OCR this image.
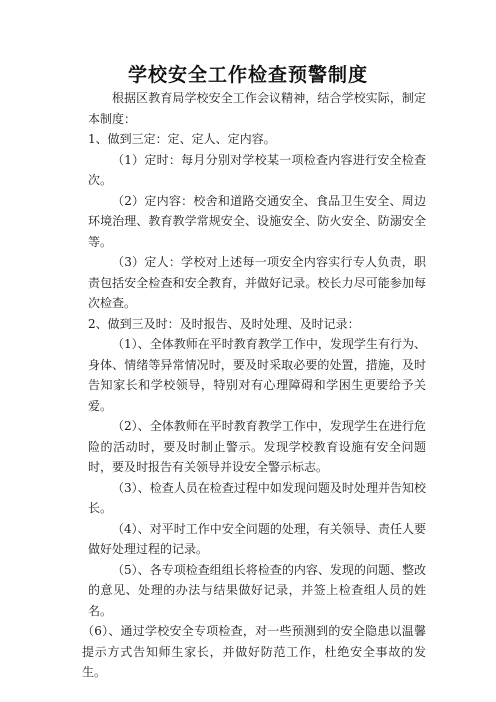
学校安全工作检查预警制度

根据区教育局学校安全工作会议精神，结合学校实际，制定本制度：

1、做到三定：定、定人、定内容。

（1）定时：每月分别对学校某一项检查内容进行安全检查次。

（2）定内容：校舍和道路交通安全、食品卫生安全、周边环境治理、教育教学常规安全、设施安全、防火安全、防溺安全等。

（3）定人：学校对上述每一项安全内容实行专人负责，职责包括安全检查和安全教育，并做好记录。校长力尽可能参加每次检查。

2、做到三及时：及时报告、及时处理、及时记录：

（1）、全体教师在平时教育教学工作中，发现学生有行为、身体、情绪等异常情况时，要及时采取必要的处置，措施，及时告知家长和学校领导，特别对有心理障碍和学困生更要给予关爱。

（2）、全体教师在平时教育教学工作中，发现学生在进行危险的活动时，要及时制止警示。发现学校教育设施有安全问题时，要及时报告有关领导并设安全警示标志。

（3）、检查人员在检查过程中如发现问题及时处理并告知校长。

（4）、对平时工作中安全问题的处理，有关领导、责任人要做好处理过程的记录。

（5）、各专项检查组组长将检查的内容、发现的问题、整改的意见、处理的办法与结果做好记录，并签上检查组人员的姓名。

（6）、通过学校安全专项检查，对一些预测到的安全隐患以温馨提示方式告知师生家长，并做好防范工作，杜绝安全事故的发生。
